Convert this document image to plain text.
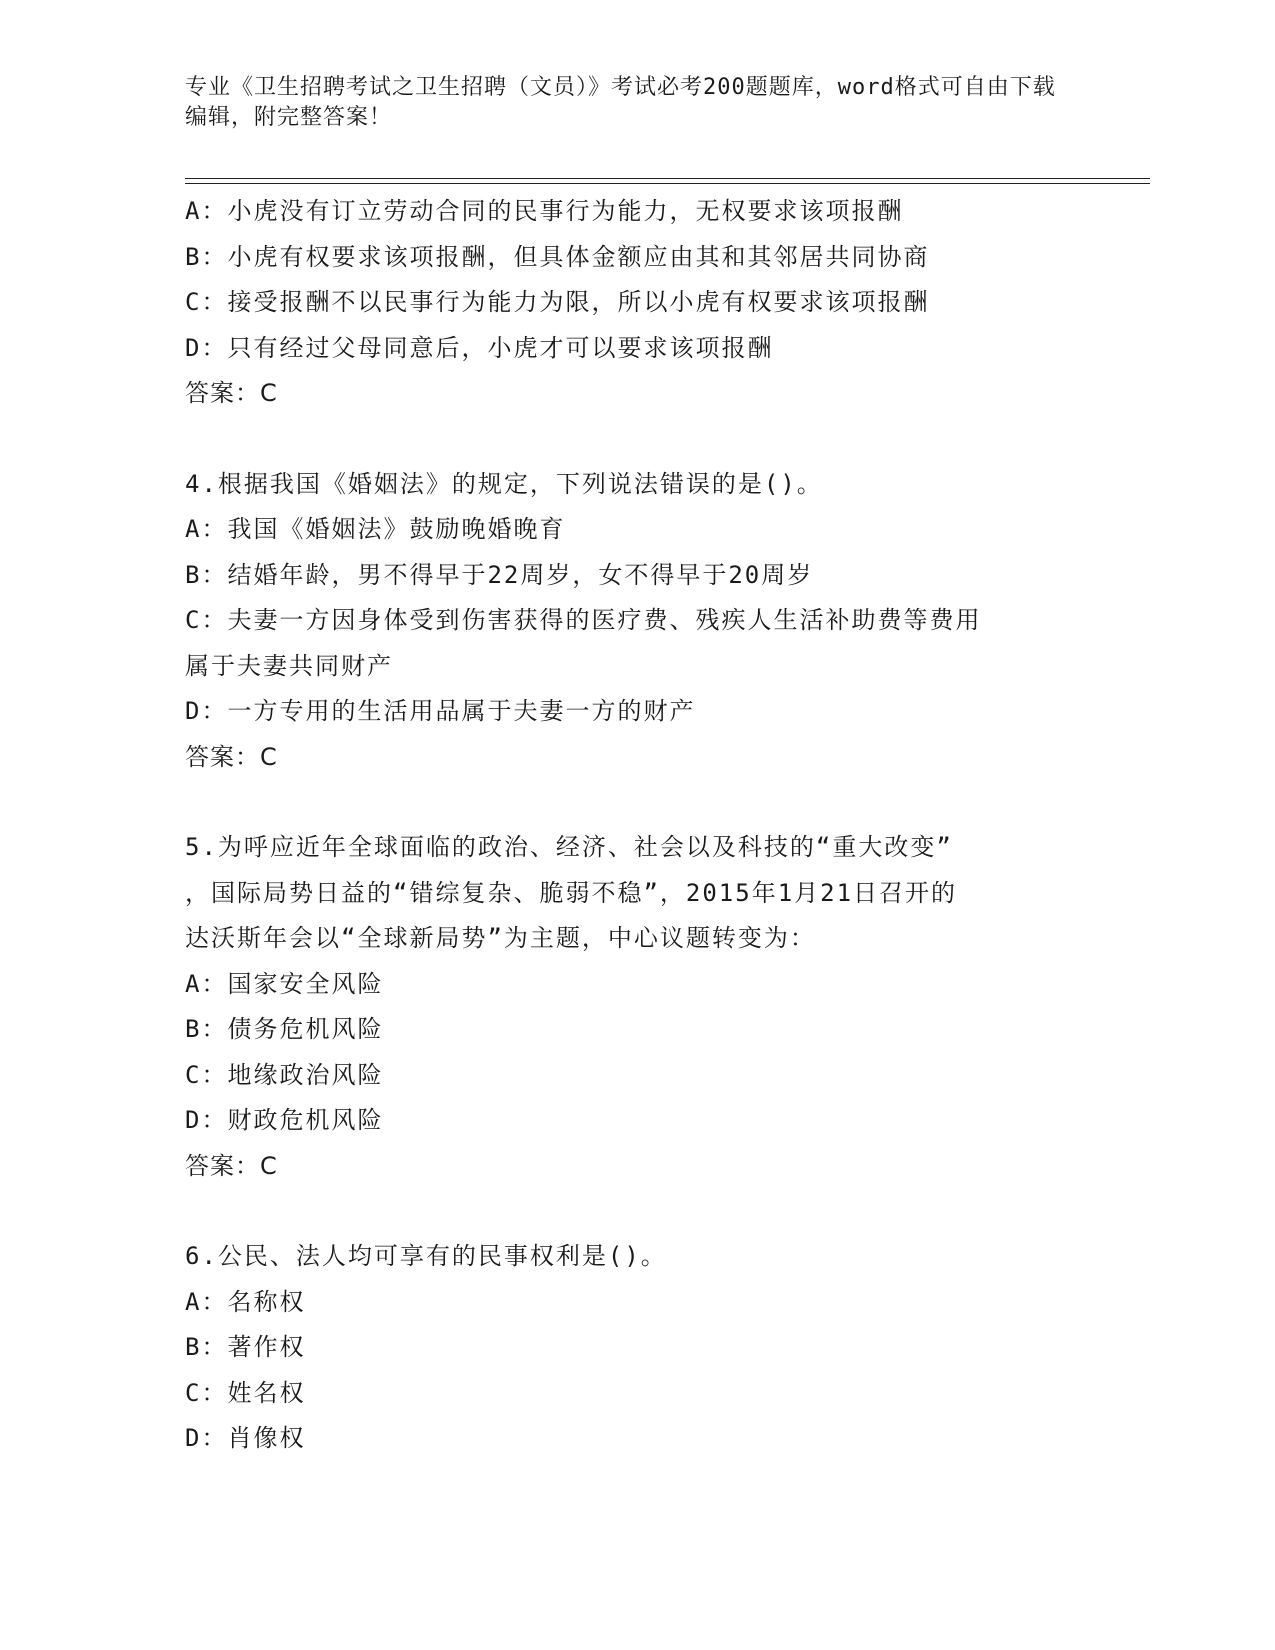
专业《卫生招聘考试之卫生招聘（文员）》考试必考200题题库，word格式可自由下载编辑，附完整答案！
A：小虎没有订立劳动合同的民事行为能力，无权要求该项报酬
B：小虎有权要求该项报酬，但具体金额应由其和其邻居共同协商
C：接受报酬不以民事行为能力为限，所以小虎有权要求该项报酬
D：只有经过父母同意后，小虎才可以要求该项报酬
答案：C
4.根据我国《婚姻法》的规定，下列说法错误的是()。
A：我国《婚姻法》鼓励晚婚晚育
B：结婚年龄，男不得早于22周岁，女不得早于20周岁
C：夫妻一方因身体受到伤害获得的医疗费、残疾人生活补助费等费用
属于夫妻共同财产
D：一方专用的生活用品属于夫妻一方的财产
答案：C
5.为呼应近年全球面临的政治、经济、社会以及科技的“重大改变”
，国际局势日益的“错综复杂、脆弱不稳”，2015年1月21日召开的
达沃斯年会以“全球新局势”为主题，中心议题转变为：
A：国家安全风险
B：债务危机风险
C：地缘政治风险
D：财政危机风险
答案：C
6.公民、法人均可享有的民事权利是()。
A：名称权
B：著作权
C：姓名权
D：肖像权
